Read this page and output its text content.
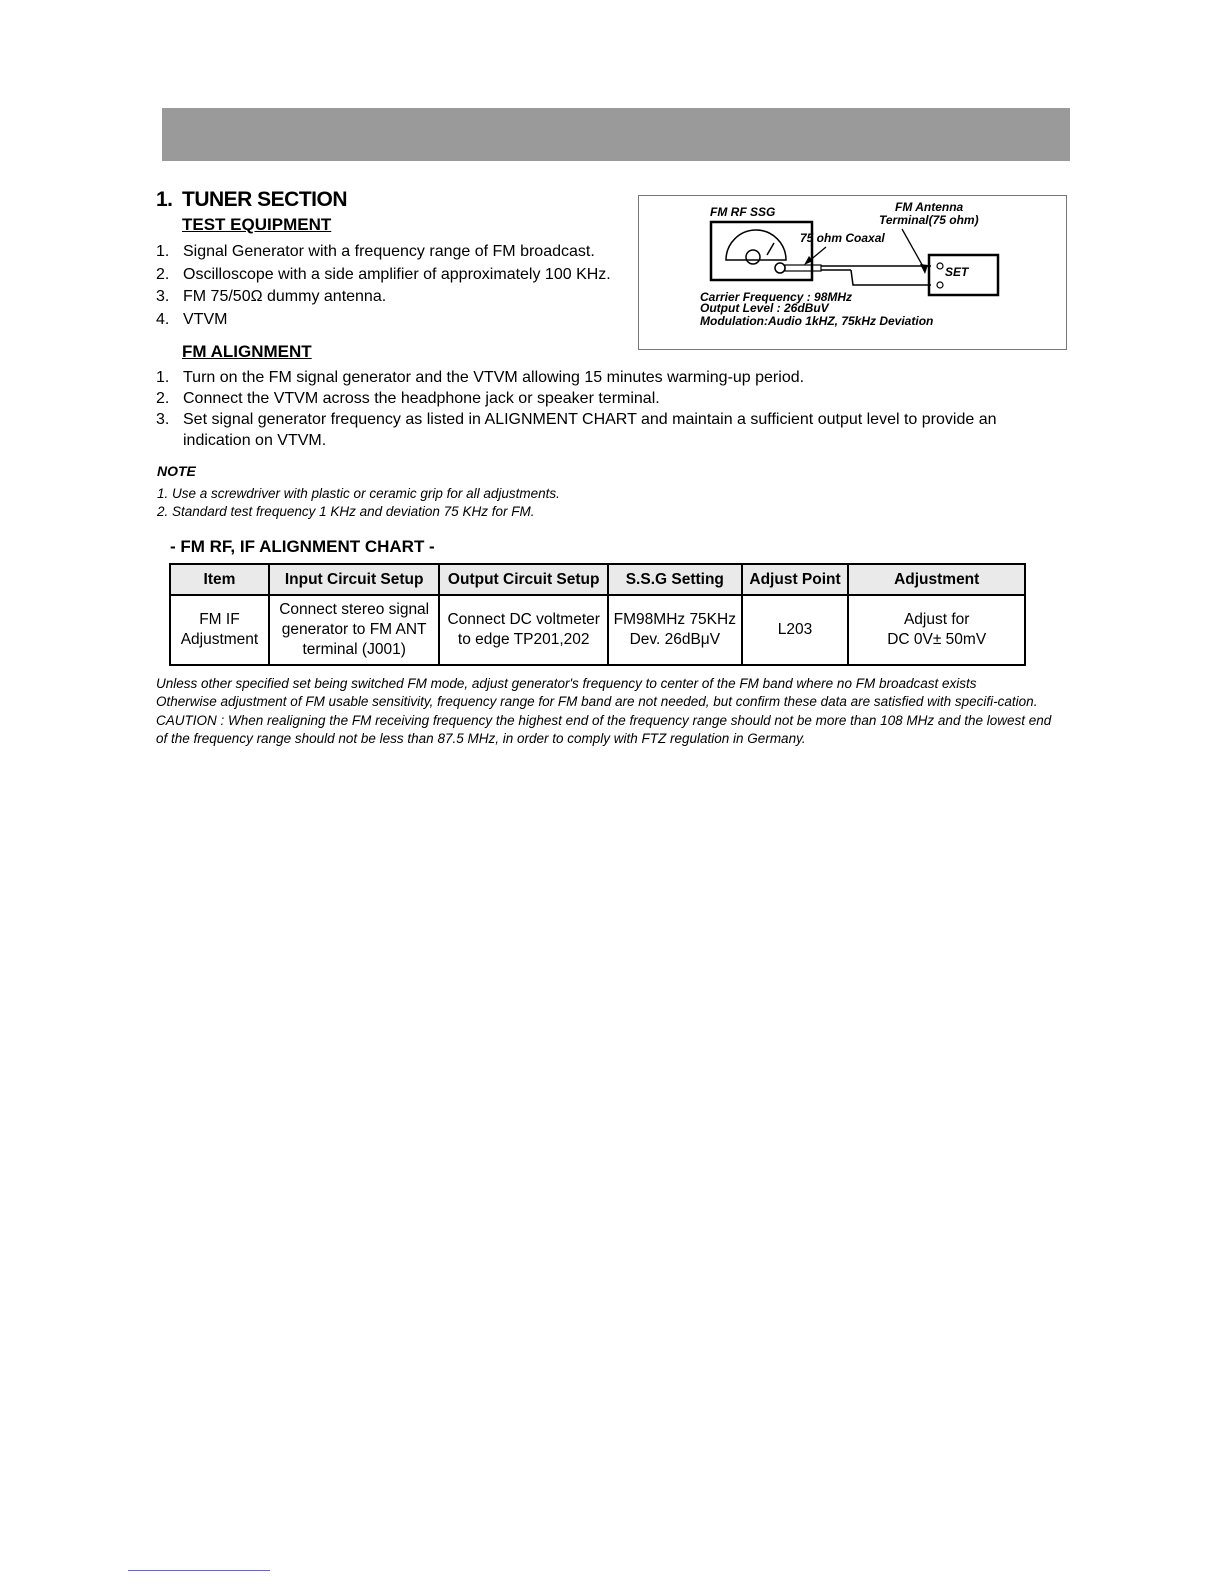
1. TUNER SECTION
TEST EQUIPMENT
1. Signal Generator with a frequency range of FM broadcast.
2. Oscilloscope with a side amplifier of approximately 100 KHz.
3. FM 75/50Ω dummy antenna.
4. VTVM
FM RF SSG	FM Antenna
Terminal(75 ohm)
75 ohm Coaxal
SET
Carrier Frequency : 98MHz
Output Level : 26dBuV
Modulation:Audio 1kHZ, 75kHz Deviation
FM ALIGNMENT
1. Turn on the FM signal generator and the VTVM allowing 15 minutes warming-up period.
2. Connect the VTVM across the headphone jack or speaker terminal.
3. Set signal generator frequency as listed in ALIGNMENT CHART and maintain a sufficient output level to provide an indication on VTVM.
NOTE
1. Use a screwdriver with plastic or ceramic grip for all adjustments.
2. Standard test frequency 1 KHz and deviation 75 KHz for FM.
- FM RF, IF ALIGNMENT CHART -
Item	Input Circuit Setup	Output Circuit Setup	S.S.G Setting	Adjust Point	Adjustment
FM IF
Adjustment	Connect stereo signal
generator to FM ANT
terminal (J001)	Connect DC voltmeter
to edge TP201,202	FM98MHz 75KHz
Dev. 26dBμV	L203	Adjust for
DC 0V± 50mV

Unless other specified set being switched FM mode, adjust generator's frequency to center of the FM band where no FM broadcast exists

Otherwise adjustment of FM usable sensitivity, frequency range for FM band are not needed, but confirm these data are satisfied with specifi-cation.

CAUTION : When realigning the FM receiving frequency the highest end of the frequency range should not be more than 108 MHz and the lowest end of the frequency range should not be less than 87.5 MHz, in order to comply with FTZ regulation in Germany.
